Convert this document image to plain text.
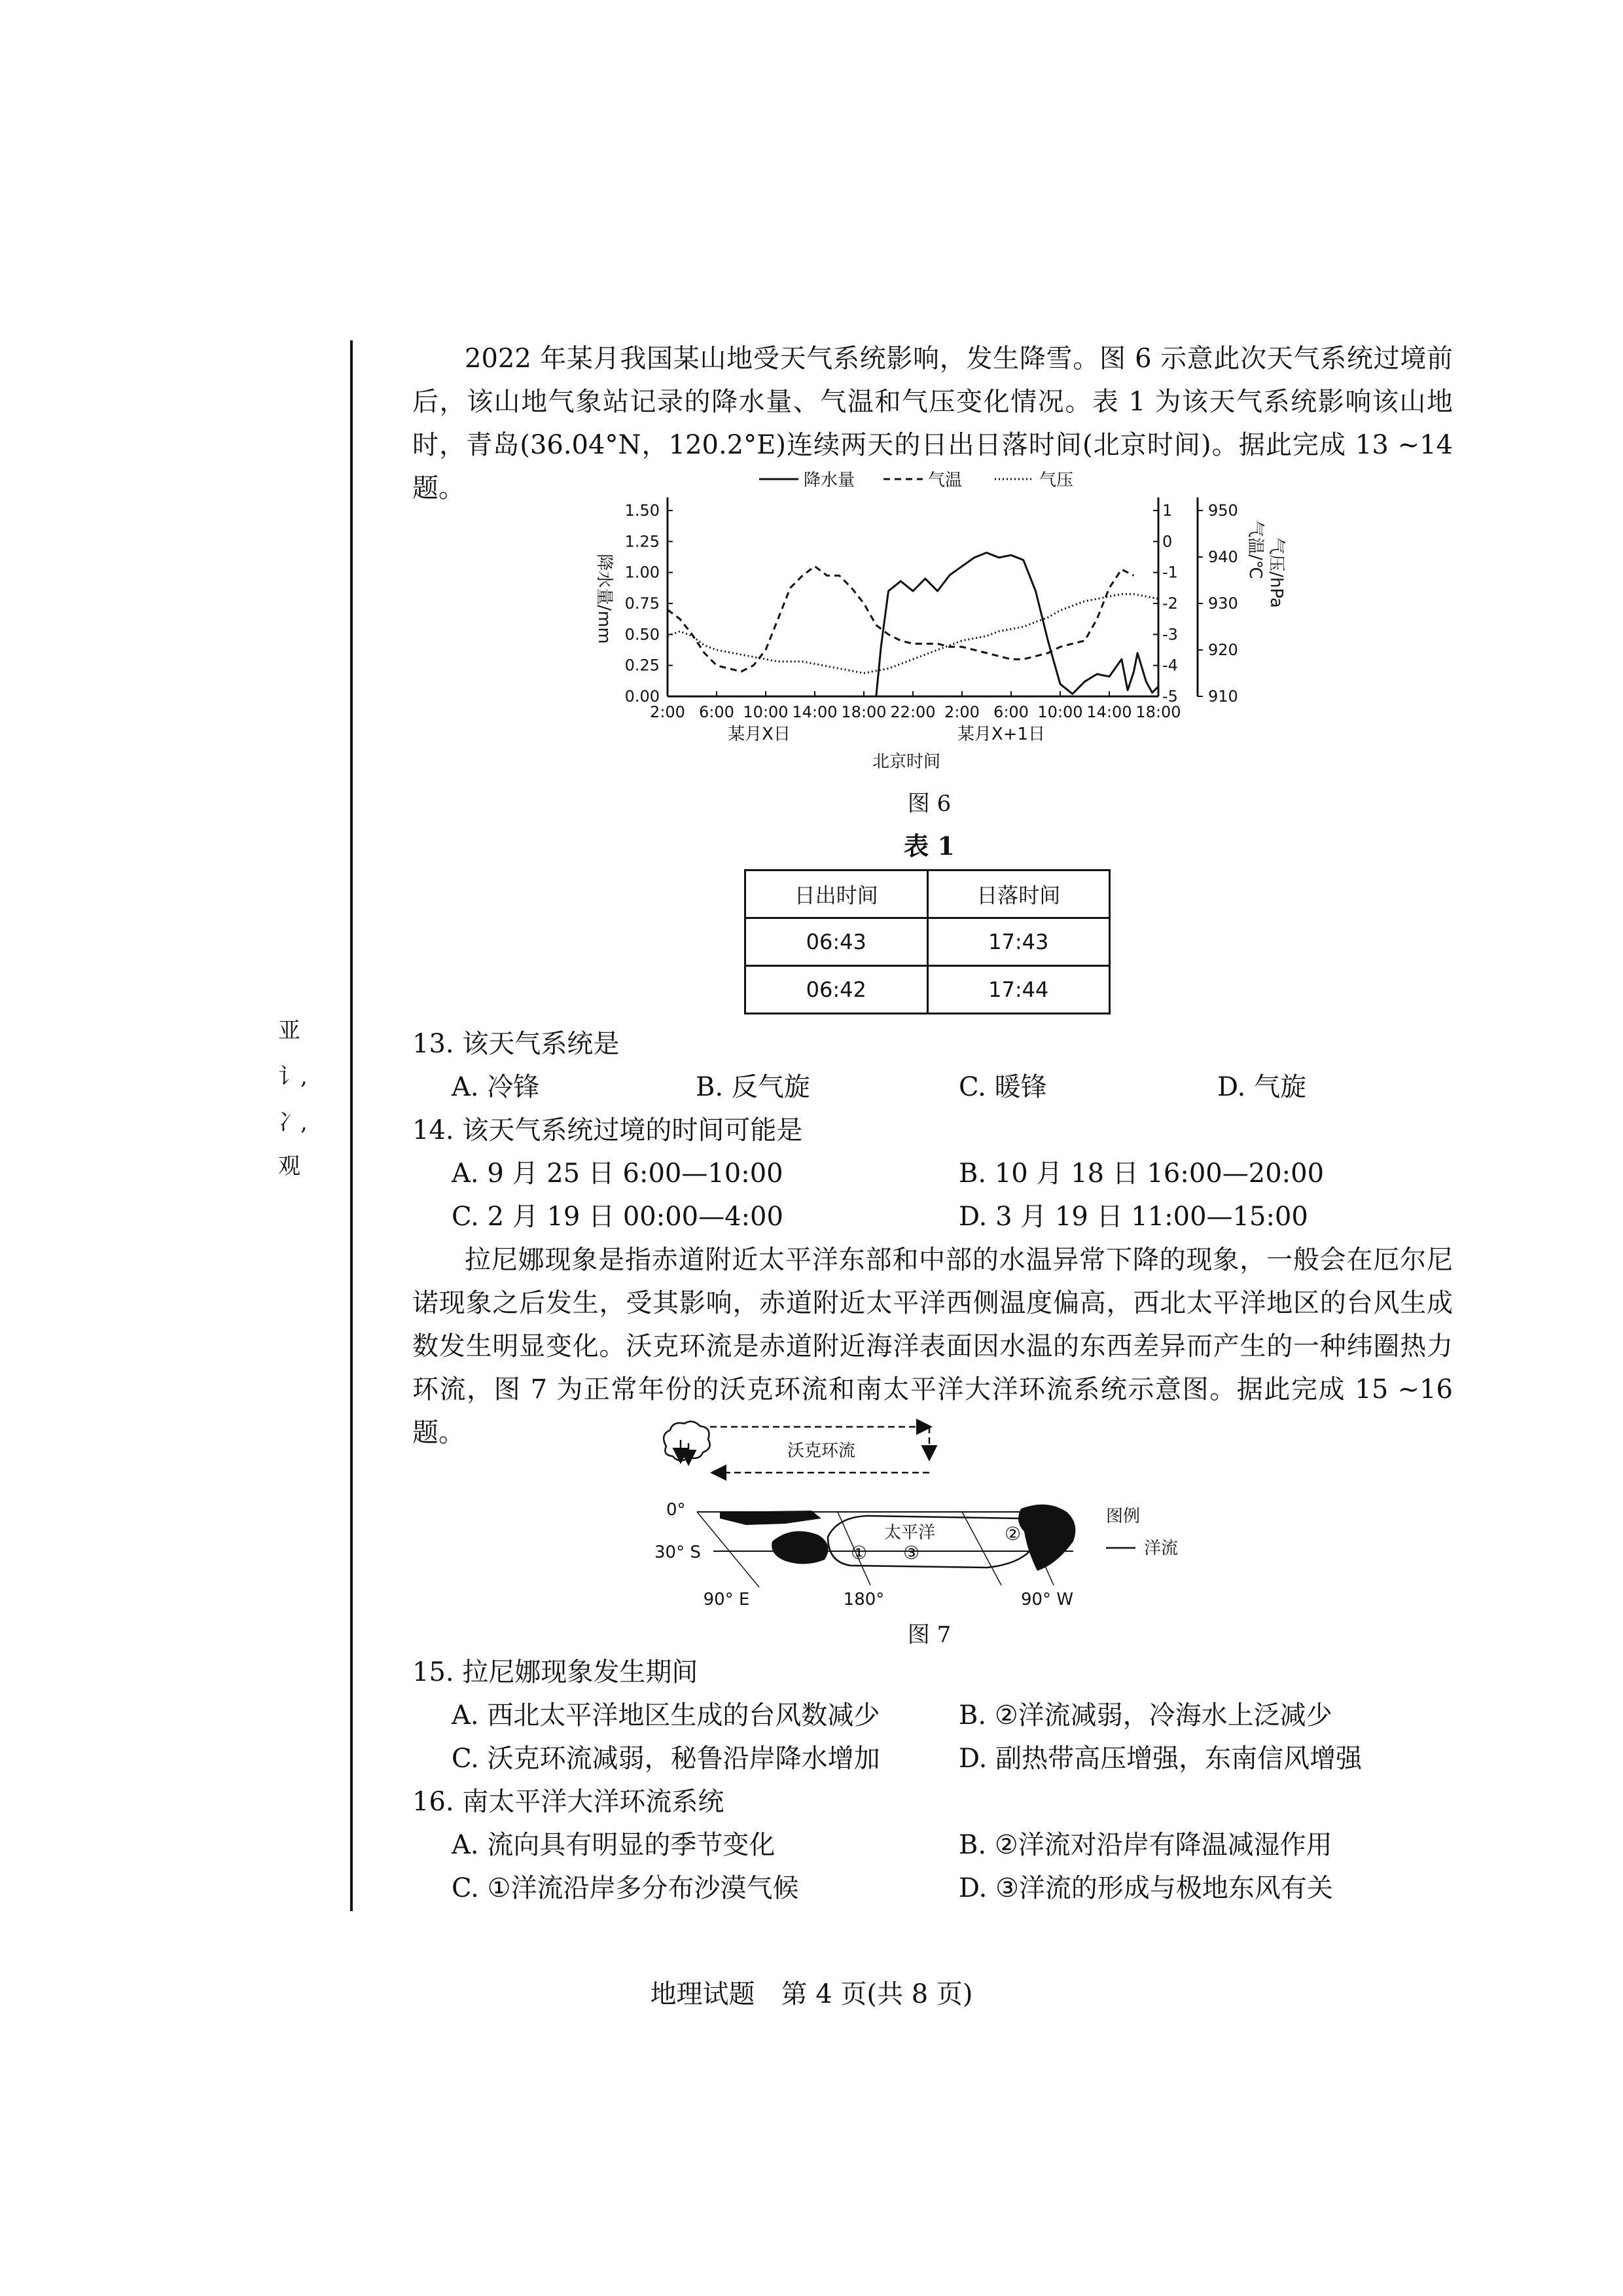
亚
讠,
冫,
观

2022 年某月我国某山地受天气系统影响，发生降雪。图 6 示意此次天气系统过境前后，该山地气象站记录的降水量、气温和气压变化情况。表 1 为该天气系统影响该山地时，青岛(36.04°N，120.2°E)连续两天的日出日落时间(北京时间)。据此完成 13 ~14 题。	降水量	气温	气压
2:00 6:00 10:00 14:00 18:00 22:00 2:00 6:00 10:00 14:00 18:00
0.00
0.25
0.50
0.75
1.00
1.25
1.50
-5
-4
-3
-2
-1
0
1
910
920
930
940
950
降水量/mm
气温/℃ 气压/hPa
某月X日	某月X+1日
北京时间
图 6
表 1
日出时间	日落时间
06:43	17:43
06:42	17:44
13. 该天气系统是
A. 冷锋	B. 反气旋	C. 暖锋	D. 气旋
14. 该天气系统过境的时间可能是
A. 9 月 25 日 6:00—10:00	B. 10 月 18 日 16:00—20:00
C. 2 月 19 日 00:00—4:00	D. 3 月 19 日 11:00—15:00

拉尼娜现象是指赤道附近太平洋东部和中部的水温异常下降的现象，一般会在厄尔尼诺现象之后发生，受其影响，赤道附近太平洋西侧温度偏高，西北太平洋地区的台风生成数发生明显变化。沃克环流是赤道附近海洋表面因水温的东西差异而产生的一种纬圈热力环流，图 7 为正常年份的沃克环流和南太平洋大洋环流系统示意图。据此完成 15 ~16 题。

沃克环流
0°
30° S
太平洋
①
②
③
90° E	180°	90° W
图例
洋流
图 7
15. 拉尼娜现象发生期间
A. 西北太平洋地区生成的台风数减少	B. ②洋流减弱，冷海水上泛减少
C. 沃克环流减弱，秘鲁沿岸降水增加	D. 副热带高压增强，东南信风增强
16. 南太平洋大洋环流系统
A. 流向具有明显的季节变化	B. ②洋流对沿岸有降温减湿作用
C. ①洋流沿岸多分布沙漠气候	D. ③洋流的形成与极地东风有关
地理试题　第 4 页(共 8 页)
